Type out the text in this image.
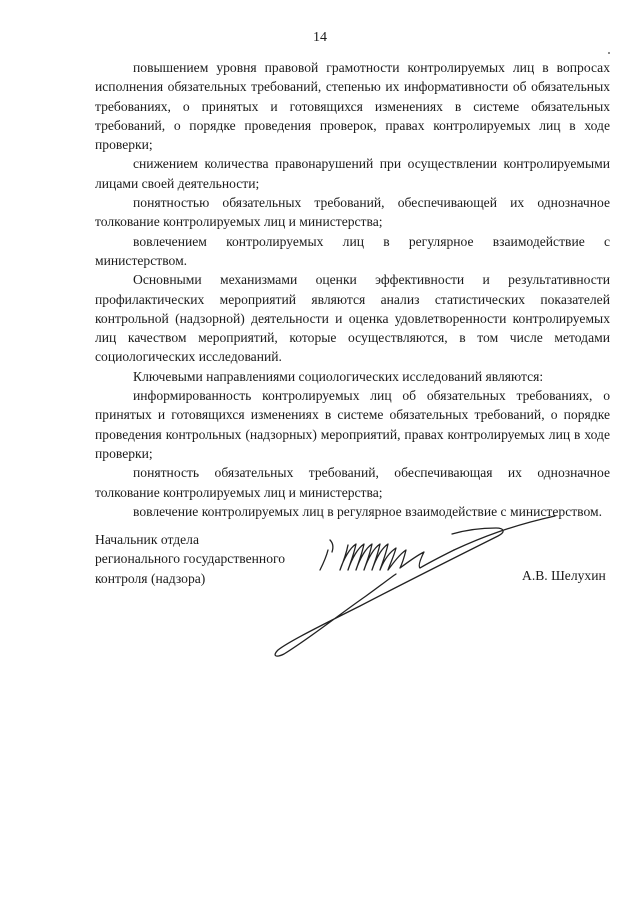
14

повышением уровня правовой грамотности контролируемых лиц в вопросах исполнения обязательных требований, степенью их информативности об обязательных требованиях, о принятых и готовящихся изменениях в системе обязательных требований, о порядке проведения проверок, правах контролируемых лиц в ходе проверки;

снижением количества правонарушений при осуществлении контролируемыми лицами своей деятельности;

понятностью обязательных требований, обеспечивающей их однозначное толкование контролируемых лиц и министерства;

вовлечением контролируемых лиц в регулярное взаимодействие с министерством.

Основными механизмами оценки эффективности и результативности профилактических мероприятий являются анализ статистических показателей контрольной (надзорной) деятельности и оценка удовлетворенности контролируемых лиц качеством мероприятий, которые осуществляются, в том числе методами социологических исследований.

Ключевыми направлениями социологических исследований являются:

информированность контролируемых лиц об обязательных требованиях, о принятых и готовящихся изменениях в системе обязательных требований, о порядке проведения контрольных (надзорных) мероприятий, правах контролируемых лиц в ходе проверки;

понятность обязательных требований, обеспечивающая их однозначное толкование контролируемых лиц и министерства;

вовлечение контролируемых лиц в регулярное взаимодействие с министерством.

Начальник отдела
регионального государственного
контроля (надзора)	А.В. Шелухин
